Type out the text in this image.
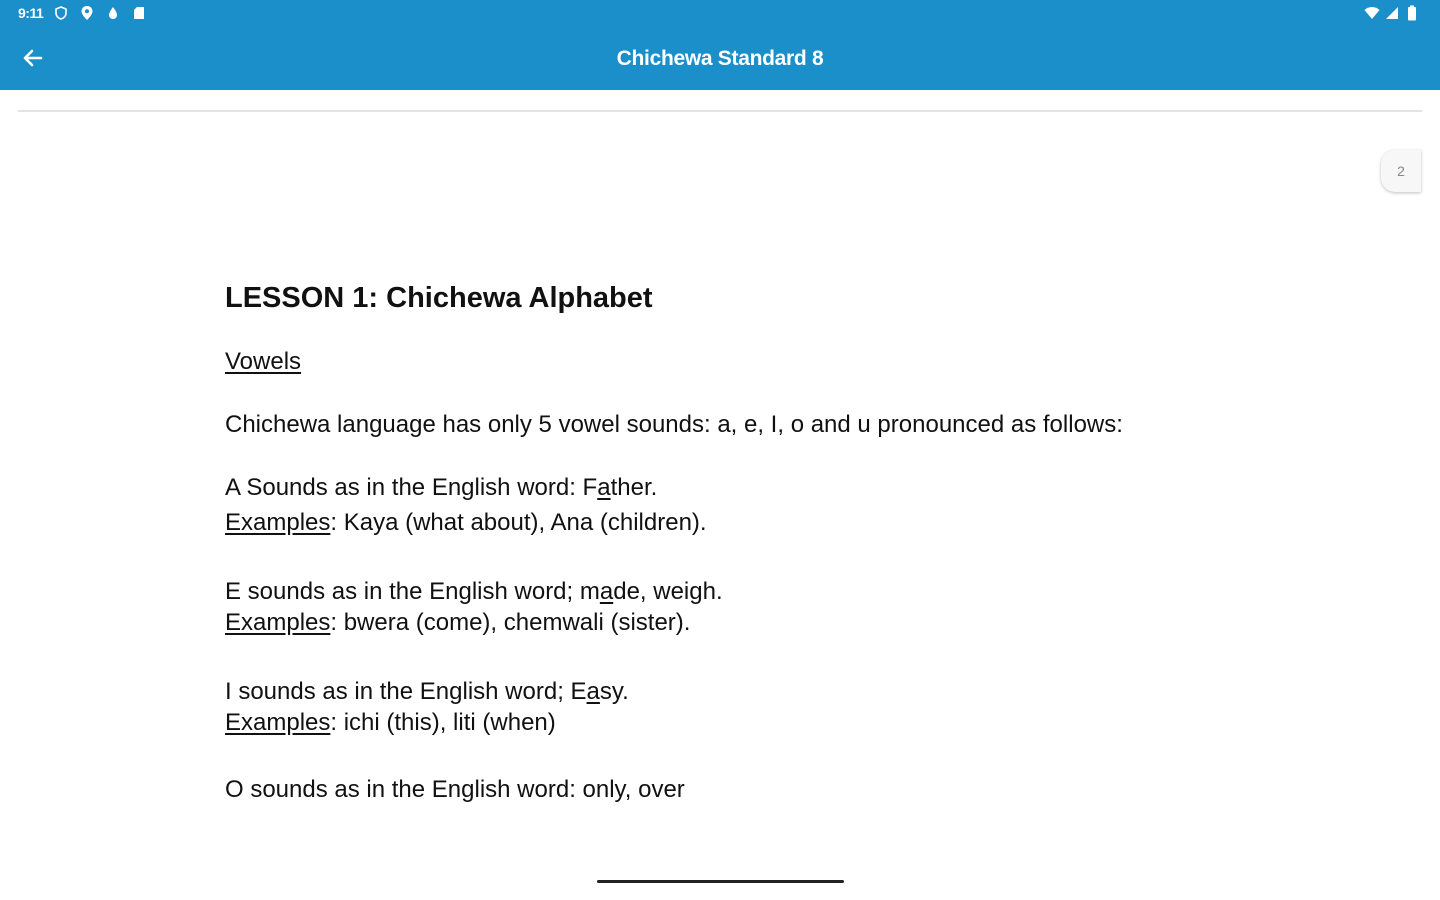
9:11
Chichewa Standard 8
2
LESSON 1: Chichewa Alphabet

Vowels

Chichewa language has only 5 vowel sounds: a, e, I, o and u pronounced as follows:

A Sounds as in the English word: Father.

Examples: Kaya (what about), Ana (children).

E sounds as in the English word; made, weigh.

Examples: bwera (come), chemwali (sister).

I sounds as in the English word; Easy.

Examples: ichi (this), liti (when)

O sounds as in the English word: only, over
